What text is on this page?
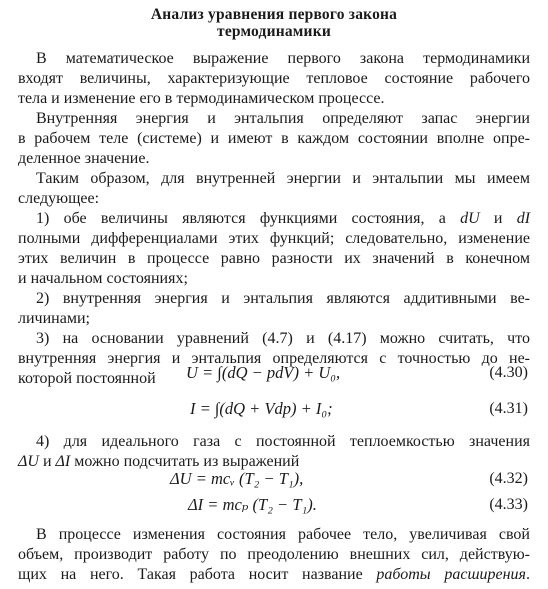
Анализ уравнения первого закона
термодинамики
В математическое выражение первого закона термодинамики
входят величины, характеризующие тепловое состояние рабочего
тела и изменение его в термодинамическом процессе.
Внутренняя энергия и энтальпия определяют запас энергии
в рабочем теле (системе) и имеют в каждом состоянии вполне опре-
деленное значение.
Таким образом, для внутренней энергии и энтальпии мы имеем
следующее:
1) обе величины являются функциями состояния, а dU и dI
полными дифференциалами этих функций; следовательно, изменение
этих величин в процессе равно разности их значений в конечном
и начальном состояниях;
2) внутренняя энергия и энтальпия являются аддитивными ве-
личинами;
3) на основании уравнений (4.7) и (4.17) можно считать, что
внутренняя энергия и энтальпия определяются с точностью до не-
которой постоянной	U = ∫(dQ − pdV) + U₀,	(4.30)
I = ∫(dQ + Vdp) + I₀;	(4.31)
4) для идеального газа с постоянной теплоемкостью значения
ΔU и ΔI можно подсчитать из выражений
ΔU = mcᵥ (T₂ − T₁),	(4.32)
ΔI = mcₚ (T₂ − T₁).	(4.33)
В процессе изменения состояния рабочее тело, увеличивая свой
объем, производит работу по преодолению внешних сил, действую-
щих на него. Такая работа носит название работы расширения.
